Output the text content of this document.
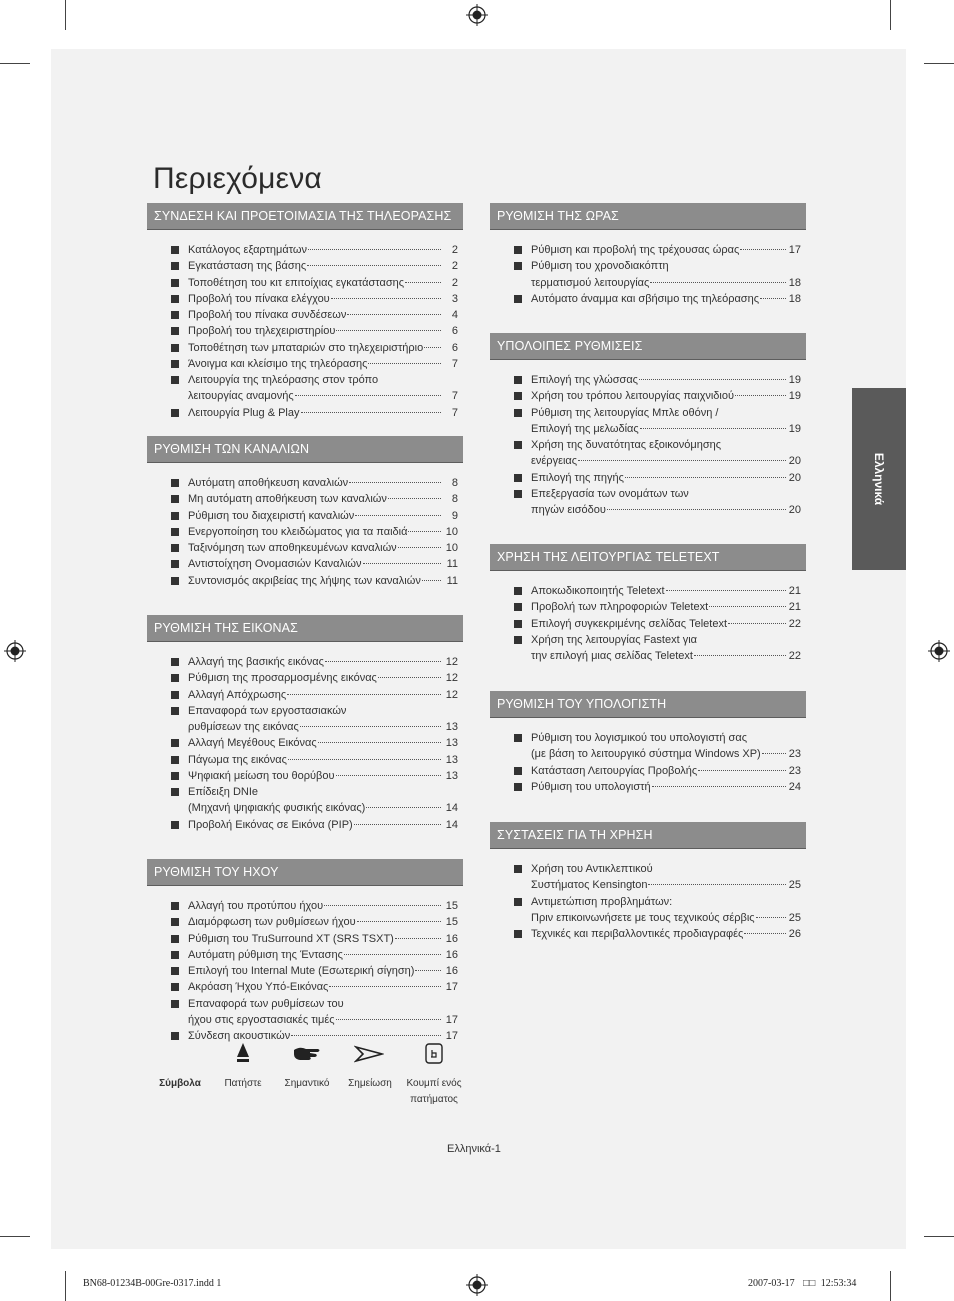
Περιεχόμενα
ΣΥΝΔΕΣΗ ΚΑΙ ΠΡΟΕΤΟΙΜΑΣΙΑ ΤΗΣ ΤΗΛΕΟΡΑΣΗΣ
Κατάλογος εξαρτημάτων	2
Εγκατάσταση της βάσης	2
Τοποθέτηση του κιτ επιτοίχιας εγκατάστασης	2
Προβολή του πίνακα ελέγχου	3
Προβολή του πίνακα συνδέσεων	4
Προβολή του τηλεχειριστηρίου	6
Τοποθέτηση των μπαταριών στο τηλεχειριστήριο	6
Άνοιγμα και κλείσιμο της τηλεόρασης	7
Λειτουργία της τηλεόρασης στον τρόπο
λειτουργίας αναμονής	7
Λειτουργία Plug & Play	7
ΡΥΘΜΙΣΗ ΤΩΝ ΚΑΝΑΛΙΩΝ
Αυτόματη αποθήκευση καναλιών	8
Μη αυτόματη αποθήκευση των καναλιών	8
Ρύθμιση του διαχειριστή καναλιών	9
Ενεργοποίηση του κλειδώματος για τα παιδιά	10
Ταξινόμηση των αποθηκευμένων καναλιών	10
Αντιστοίχηση Ονομασιών Καναλιών	11
Συντονισμός ακριβείας της λήψης των καναλιών	11
ΡΥΘΜΙΣΗ ΤΗΣ ΕΙΚΟΝΑΣ
Αλλαγή της βασικής εικόνας	12
Ρύθμιση της προσαρμοσμένης εικόνας	12
Αλλαγή Απόχρωσης	12
Επαναφορά των εργοστασιακών
ρυθμίσεων της εικόνας	13
Αλλαγή Μεγέθους Εικόνας	13
Πάγωμα της εικόνας	13
Ψηφιακή μείωση του θορύβου	13
Επίδειξη DNIe
(Μηχανή ψηφιακής φυσικής εικόνας)	14
Προβολή Εικόνας σε Εικόνα (PIP)	14
ΡΥΘΜΙΣΗ ΤΟΥ ΗΧΟΥ
Αλλαγή του προτύπου ήχου	15
Διαμόρφωση των ρυθμίσεων ήχου	15
Ρύθμιση του TruSurround XT (SRS TSXT)	16
Αυτόματη ρύθμιση της Έντασης	16
Επιλογή του Internal Mute (Εσωτερική σίγηση)	16
Ακρόαση Ήχου Υπό-Εικόνας	17
Επαναφορά των ρυθμίσεων του
ήχου στις εργοστασιακές τιμές	17
Σύνδεση ακουστικών	17
ΡΥΘΜΙΣΗ ΤΗΣ ΩΡΑΣ
Ρύθμιση και προβολή της τρέχουσας ώρας	17
Ρύθμιση του χρονοδιακόπτη
τερματισμού λειτουργίας	18
Αυτόματο άναμμα και σβήσιμο της τηλεόρασης	18
ΥΠΟΛΟΙΠΕΣ ΡΥΘΜΙΣΕΙΣ
Επιλογή της γλώσσας	19
Χρήση του τρόπου λειτουργίας παιχνιδιού	19
Ρύθμιση της λειτουργίας Μπλε οθόνη /
Επιλογή της μελωδίας	19
Χρήση της δυνατότητας εξοικονόμησης
ενέργειας	20
Επιλογή της πηγής	20
Επεξεργασία των ονομάτων των
πηγών εισόδου	20
ΧΡΗΣΗ ΤΗΣ ΛΕΙΤΟΥΡΓΙΑΣ TELETEXT
Αποκωδικοποιητής Teletext	21
Προβολή των πληροφοριών Teletext	21
Επιλογή συγκεκριμένης σελίδας Teletext	22
Χρήση της λειτουργίας Fastext για
την επιλογή μιας σελίδας Teletext	22
ΡΥΘΜΙΣΗ ΤΟΥ ΥΠΟΛΟΓΙΣΤΗ
Ρύθμιση του λογισμικού του υπολογιστή σας
(με βάση το λειτουργικό σύστημα Windows XP)	23
Κατάσταση Λειτουργίας Προβολής	23
Ρύθμιση του υπολογιστή	24
ΣΥΣΤΑΣΕΙΣ ΓΙΑ ΤΗ ΧΡΗΣΗ
Χρήση του Αντικλεπτικού
Συστήματος Kensington	25
Αντιμετώπιση προβλημάτων:
Πριν επικοινωνήσετε με τους τεχνικούς σέρβις	25
Τεχνικές και περιβαλλοντικές προδιαγραφές	26
Ελληνικά
Σύμβολα	Πατήστε	Σημαντικό	Σημείωση	Κουμπί ενός πατήματος
Ελληνικά-1
BN68-01234B-00Gre-0317.indd 1	2007-03-17 □□ 12:53:34
